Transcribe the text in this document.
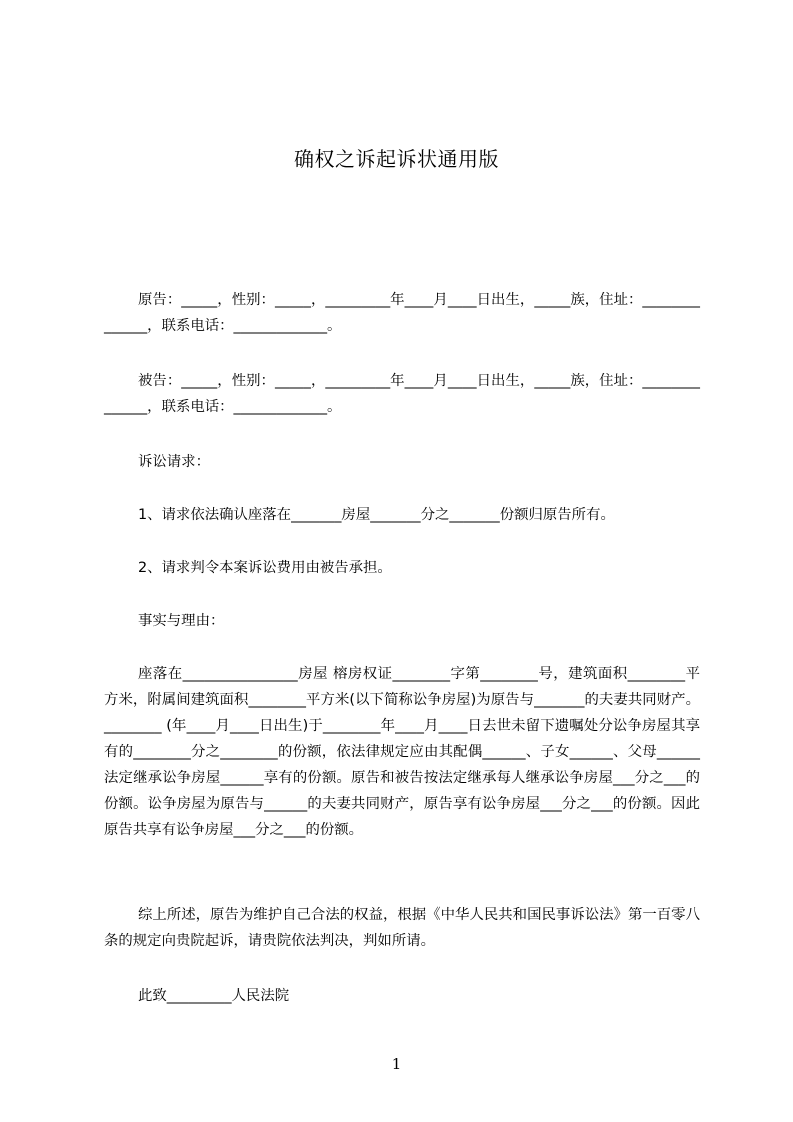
确权之诉起诉状通用版
原告：_____，性别：_____，_________年____月____日出生，_____族，住址：______________，联系电话：_____________。
被告：_____，性别：_____，_________年____月____日出生，_____族，住址：______________，联系电话：_____________。
诉讼请求：
1、请求依法确认座落在_______房屋_______分之_______份额归原告所有。
2、请求判令本案诉讼费用由被告承担。
事实与理由：
座落在________________房屋 榕房权证________字第________号，建筑面积________平方米，附属间建筑面积________平方米(以下简称讼争房屋)为原告与_______的夫妻共同财产。________ (年____月____日出生)于________年____月____日去世未留下遗嘱处分讼争房屋其享有的________分之________的份额，依法律规定应由其配偶______、子女______、父母______法定继承讼争房屋______享有的份额。原告和被告按法定继承每人继承讼争房屋___分之___的份额。讼争房屋为原告与______的夫妻共同财产，原告享有讼争房屋___分之___的份额。因此原告共享有讼争房屋___分之___的份额。
综上所述，原告为维护自己合法的权益，根据《中华人民共和国民事诉讼法》第一百零八条的规定向贵院起诉，请贵院依法判决，判如所请。
此致_________人民法院
1
